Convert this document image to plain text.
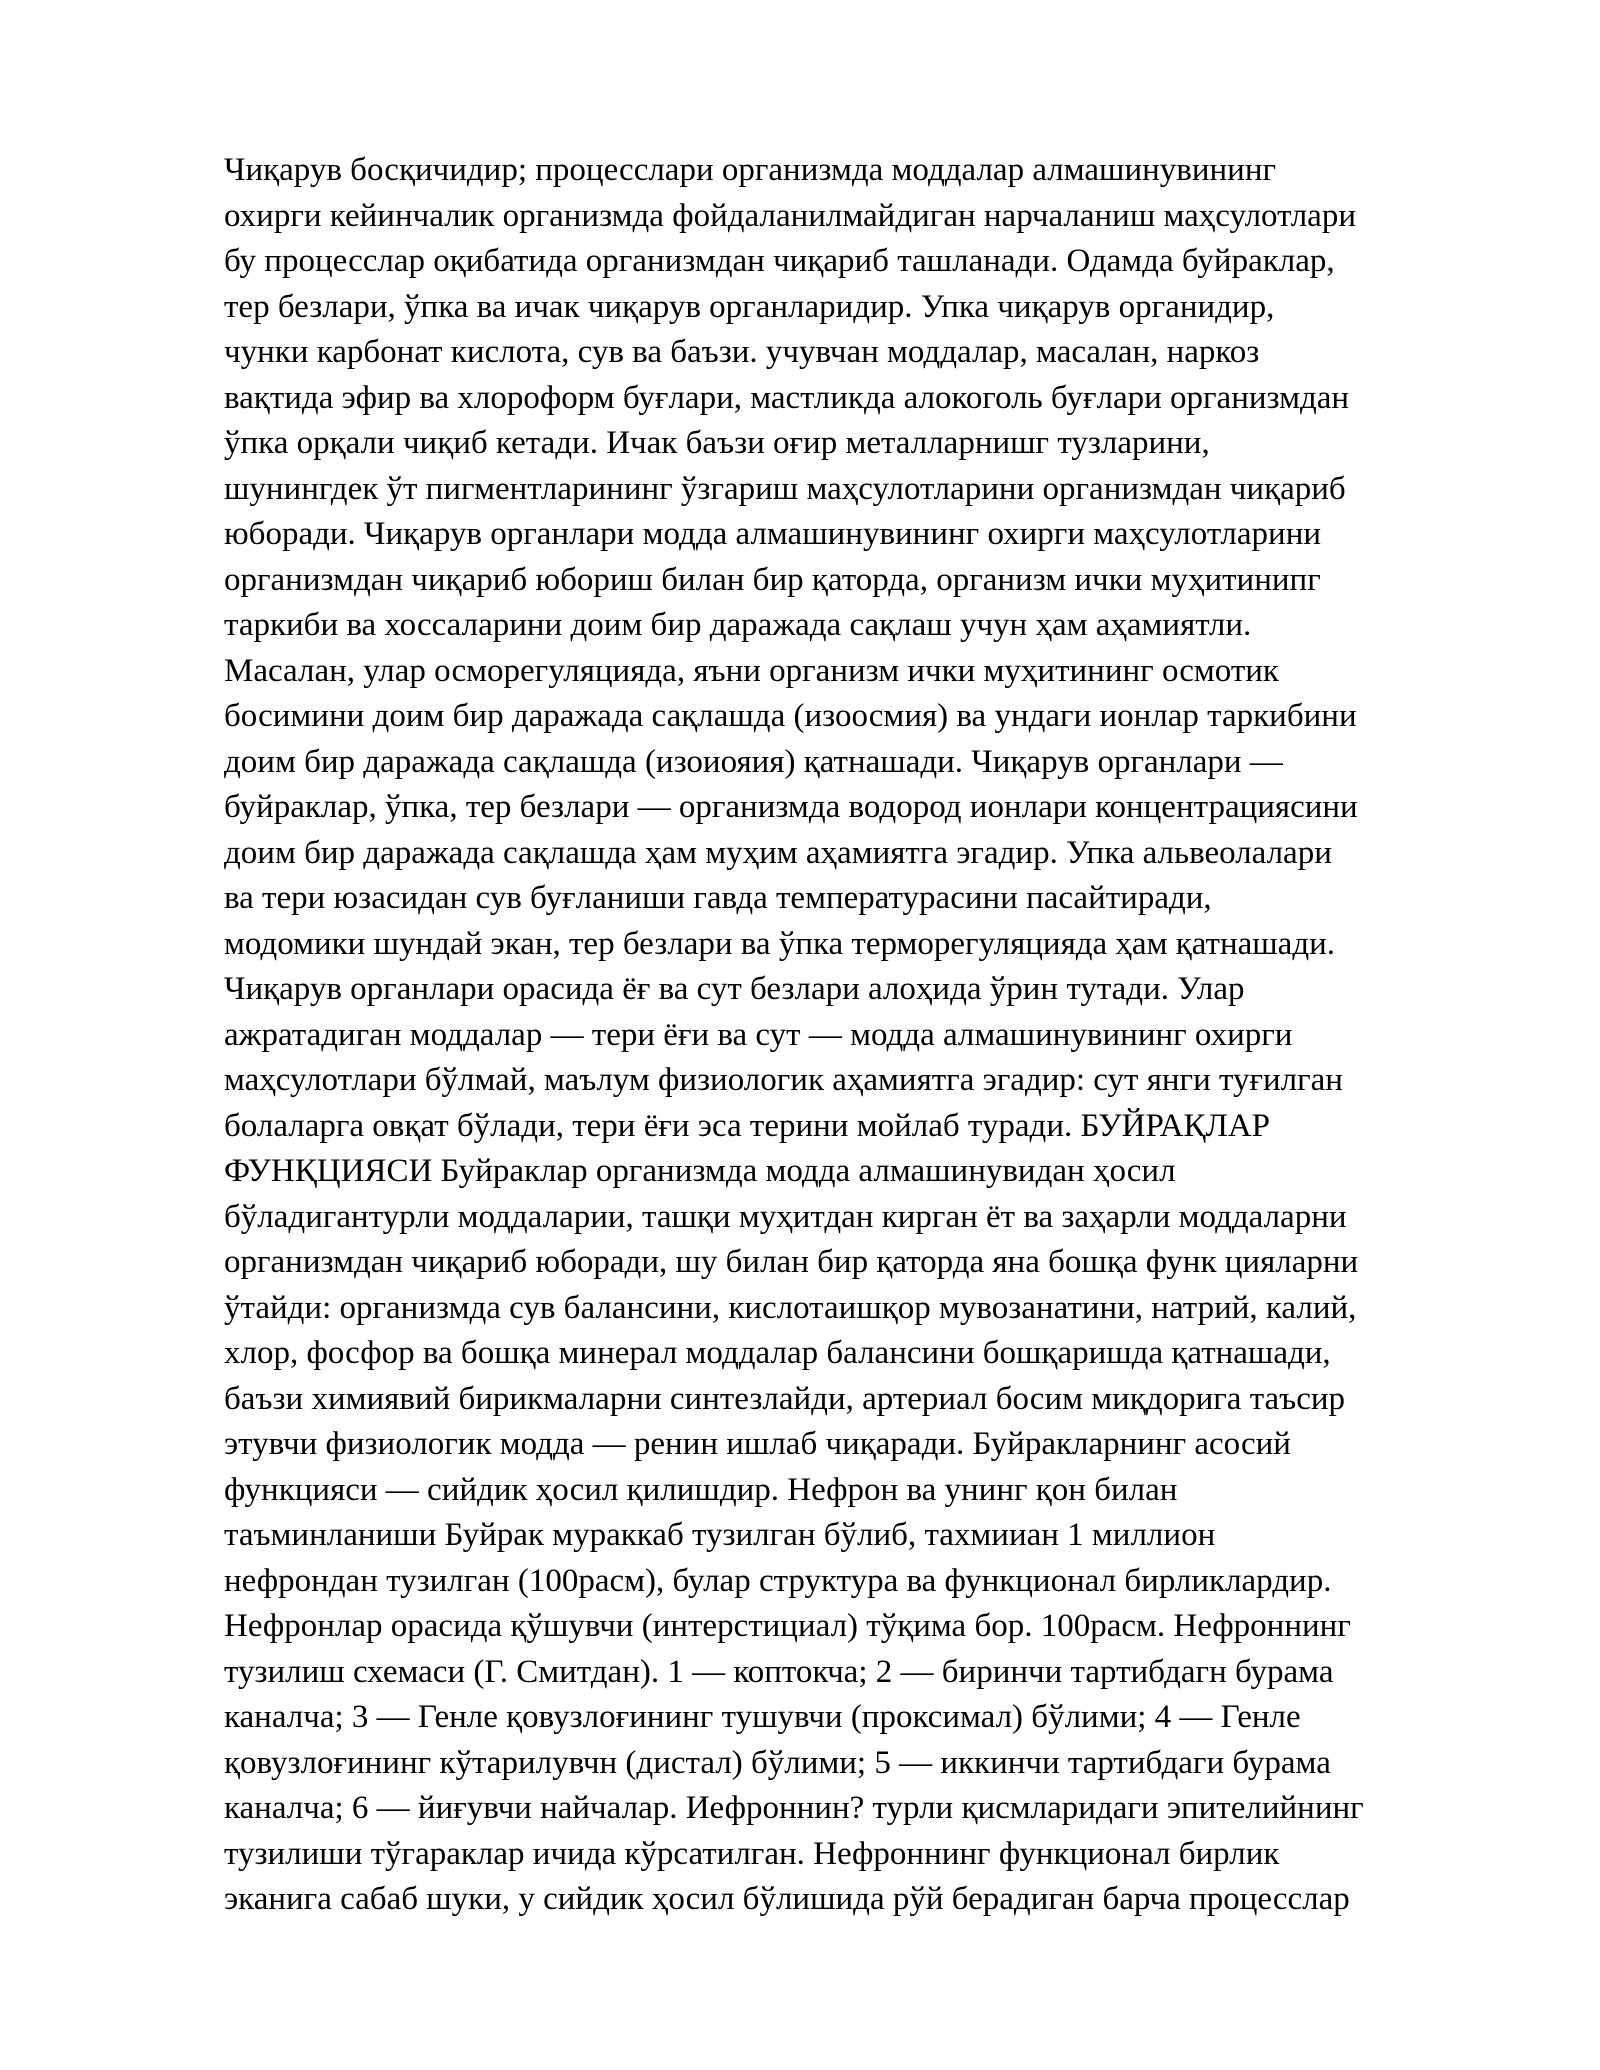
Чиқарув босқичидир; процесслари организмда моддалар алмашинувининг
охирги кейинчалик организмда фойдаланилмайдиган нарчаланиш маҳсулотлари
бу процесслар оқибатида организмдан чиқариб ташланади. Одамда буйраклар,
тер безлари, ўпка ва ичак чиқарув органларидир. Упка чиқарув органидир,
чунки карбонат кислота, сув ва баъзи. учувчан моддалар, масалан, наркоз
вақтида эфир ва хлороформ буғлари, мастликда алокоголь буғлари организмдан
ўпка орқали чиқиб кетади. Ичак баъзи оғир металларнишг тузларини,
шунингдек ўт пигментларининг ўзгариш маҳсулотларини организмдан чиқариб
юборади. Чиқарув органлари модда алмашинувининг охирги маҳсулотларини
организмдан чиқариб юбориш билан бир қаторда, организм ички муҳитинипг
таркиби ва хоссаларини доим бир даражада сақлаш учун ҳам аҳамиятли.
Масалан, улар осморегуляцияда, яъни организм ички муҳитининг осмотик
босимини доим бир даражада сақлашда (изоосмия) ва ундаги ионлар таркибини
доим бир даражада сақлашда (изоиояия) қатнашади. Чиқарув органлари —
буйраклар, ўпка, тер безлари — организмда водород ионлари концентрациясини
доим бир даражада сақлашда ҳам муҳим аҳамиятга эгадир. Упка альвеолалари
ва тери юзасидан сув буғланиши гавда температурасини пасайтиради,
модомики шундай экан, тер безлари ва ўпка терморегуляцияда ҳам қатнашади.
Чиқарув органлари орасида ёғ ва сут безлари алоҳида ўрин тутади. Улар
ажратадиган моддалар — тери ёғи ва сут — модда алмашинувининг охирги
маҳсулотлари бўлмай, маълум физиологик аҳамиятга эгадир: сут янги туғилган
болаларга овқат бўлади, тери ёғи эса терини мойлаб туради. БУЙРАҚЛАР
ФУНҚЦИЯСИ Буйраклар организмда модда алмашинувидан ҳосил
бўладигантурли моддаларии, ташқи муҳитдан кирган ёт ва заҳарли моддаларни
организмдан чиқариб юборади, шу билан бир қаторда яна бошқа функ цияларни
ўтайди: организмда сув балансини, кислотаишқор мувозанатини, натрий, калий,
хлор, фосфор ва бошқа минерал моддалар балансини бошқаришда қатнашади,
баъзи химиявий бирикмаларни синтезлайди, артериал босим миқдорига таъсир
этувчи физиологик модда — ренин ишлаб чиқаради. Буйракларнинг асосий
функцияси — сийдик ҳосил қилишдир. Нефрон ва унинг қон билан
таъминланиши Буйрак мураккаб тузилган бўлиб, тахмииан 1 миллион
нефрондан тузилган (100расм), булар структура ва функционал бирликлардир.
Нефронлар орасида қўшувчи (интерстициал) тўқима бор. 100расм. Нефроннинг
тузилиш схемаси (Г. Смитдан). 1 — коптокча; 2 — биринчи тартибдагн бурама
каналча; 3 — Генле қовузлоғининг тушувчи (проксимал) бўлими; 4 — Генле
қовузлоғининг кўтарилувчн (дистал) бўлими; 5 — иккинчи тартибдаги бурама
каналча; 6 — йиғувчи найчалар. Иефроннин? турли қисмларидаги эпителийнинг
тузилиши тўгараклар ичида кўрсатилган. Нефроннинг функционал бирлик
эканига сабаб шуки, у сийдик ҳосил бўлишида рўй берадиган барча процесслар
